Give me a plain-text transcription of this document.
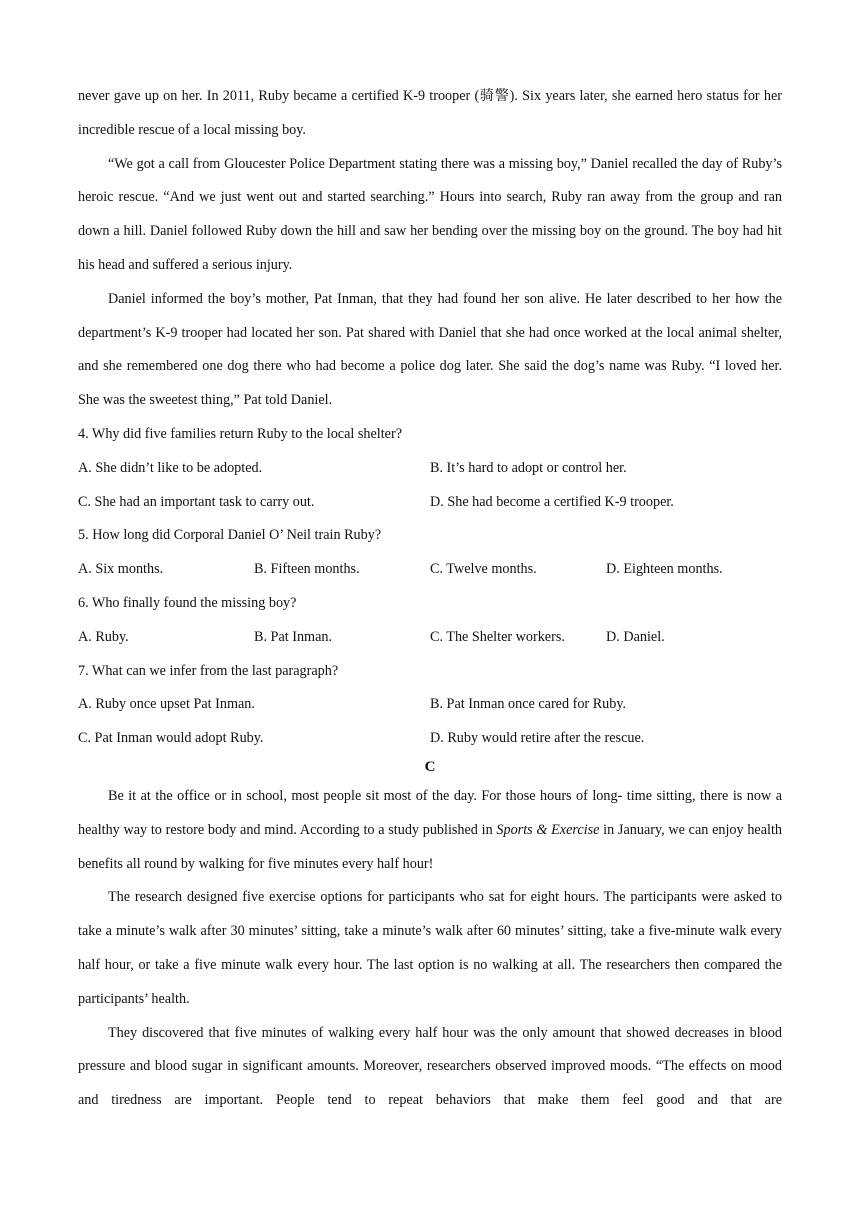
never gave up on her. In 2011, Ruby became a certified K-9 trooper (骑警). Six years later, she earned hero status for her incredible rescue of a local missing boy.

“We got a call from Gloucester Police Department stating there was a missing boy,” Daniel recalled the day of Ruby’s heroic rescue. “And we just went out and started searching.” Hours into search, Ruby ran away from the group and ran down a hill. Daniel followed Ruby down the hill and saw her bending over the missing boy on the ground. The boy had hit his head and suffered a serious injury.

Daniel informed the boy’s mother, Pat Inman, that they had found her son alive. He later described to her how the department’s K-9 trooper had located her son. Pat shared with Daniel that she had once worked at the local animal shelter, and she remembered one dog there who had become a police dog later. She said the dog’s name was Ruby. “I loved her. She was the sweetest thing,” Pat told Daniel.

4. Why did five families return Ruby to the local shelter?

A. She didn’t like to be adopted.	B. It’s hard to adopt or control her.
C. She had an important task to carry out.	D. She had become a certified K-9 trooper.

5. How long did Corporal Daniel O’ Neil train Ruby?

A. Six months.	B. Fifteen months.	C. Twelve months.	D. Eighteen months.

6. Who finally found the missing boy?

A. Ruby.	B. Pat Inman.	C. The Shelter workers.	D. Daniel.

7. What can we infer from the last paragraph?

A. Ruby once upset Pat Inman.	B. Pat Inman once cared for Ruby.
C. Pat Inman would adopt Ruby.	D. Ruby would retire after the rescue.
C

Be it at the office or in school, most people sit most of the day. For those hours of long- time sitting, there is now a healthy way to restore body and mind. According to a study published in Sports & Exercise in January, we can enjoy health benefits all round by walking for five minutes every half hour!

The research designed five exercise options for participants who sat for eight hours. The participants were asked to take a minute’s walk after 30 minutes’ sitting, take a minute’s walk after 60 minutes’ sitting, take a five-minute walk every half hour, or take a five minute walk every hour. The last option is no walking at all. The researchers then compared the participants’ health.

They discovered that five minutes of walking every half hour was the only amount that showed decreases in blood pressure and blood sugar in significant amounts. Moreover, researchers observed improved moods. “The effects on mood and tiredness are important. People tend to repeat behaviors that make them feel good and that are
